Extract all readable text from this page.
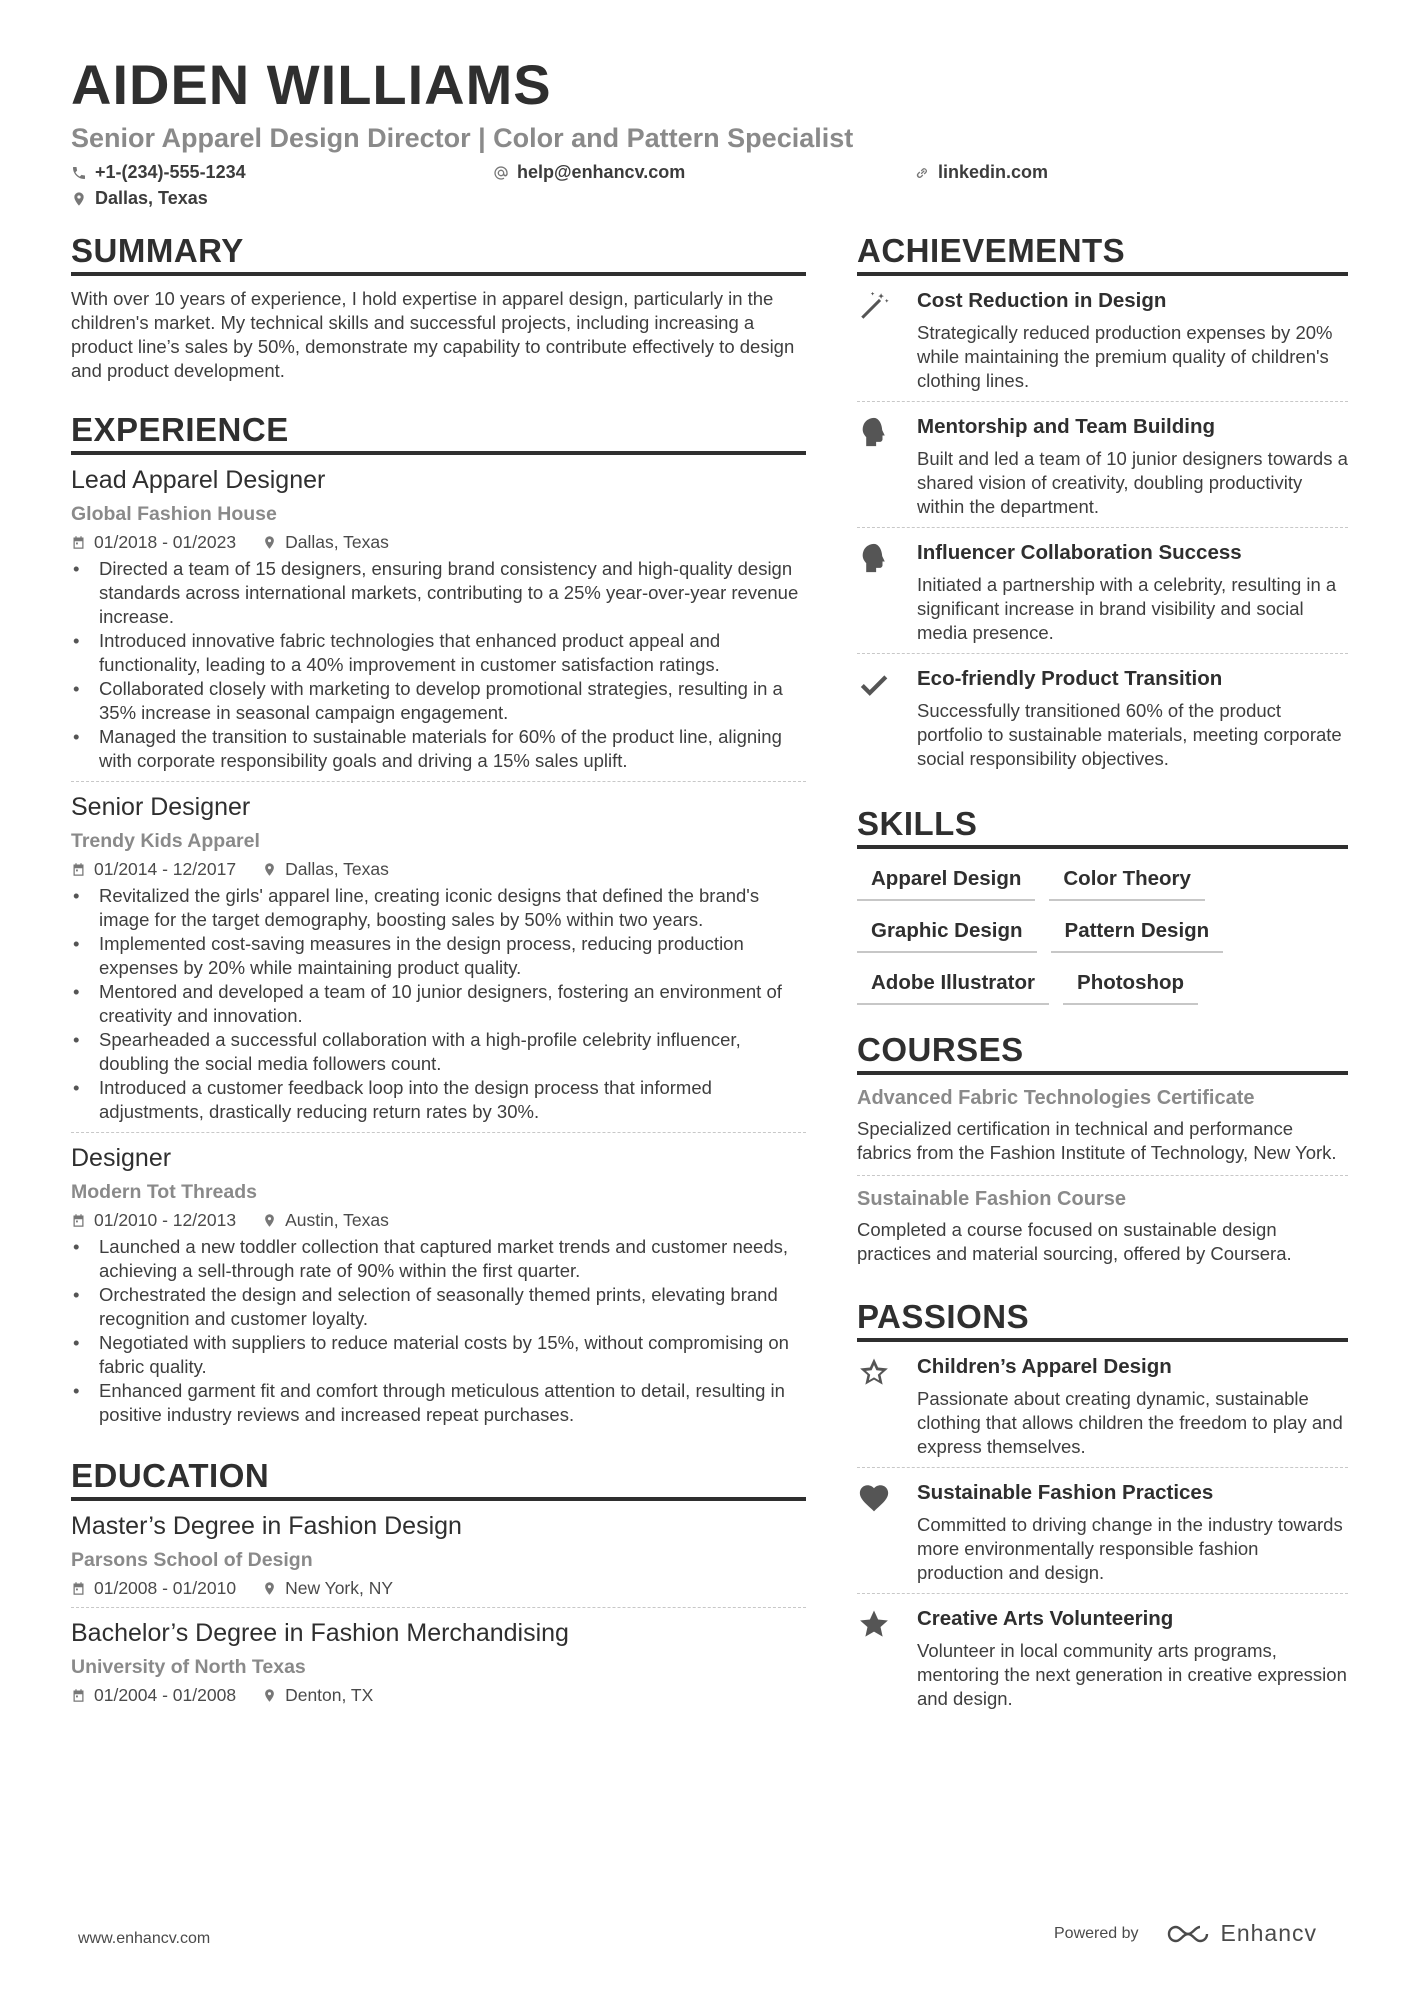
AIDEN WILLIAMS
Senior Apparel Design Director | Color and Pattern Specialist
+1-(234)-555-1234	help@enhancv.com	linkedin.com
Dallas, Texas
SUMMARY

With over 10 years of experience, I hold expertise in apparel design, particularly in the children's market. My technical skills and successful projects, including increasing a product line’s sales by 50%, demonstrate my capability to contribute effectively to design and product development.

EXPERIENCE
Lead Apparel Designer
Global Fashion House
01/2018 - 01/2023	Dallas, Texas
• Directed a team of 15 designers, ensuring brand consistency and high-quality design standards across international markets, contributing to a 25% year-over-year revenue increase.
• Introduced innovative fabric technologies that enhanced product appeal and functionality, leading to a 40% improvement in customer satisfaction ratings.
• Collaborated closely with marketing to develop promotional strategies, resulting in a 35% increase in seasonal campaign engagement.
• Managed the transition to sustainable materials for 60% of the product line, aligning with corporate responsibility goals and driving a 15% sales uplift.
Senior Designer
Trendy Kids Apparel
01/2014 - 12/2017	Dallas, Texas
• Revitalized the girls' apparel line, creating iconic designs that defined the brand's image for the target demography, boosting sales by 50% within two years.
• Implemented cost-saving measures in the design process, reducing production expenses by 20% while maintaining product quality.
• Mentored and developed a team of 10 junior designers, fostering an environment of creativity and innovation.
• Spearheaded a successful collaboration with a high-profile celebrity influencer, doubling the social media followers count.
• Introduced a customer feedback loop into the design process that informed adjustments, drastically reducing return rates by 30%.
Designer
Modern Tot Threads
01/2010 - 12/2013	Austin, Texas
• Launched a new toddler collection that captured market trends and customer needs, achieving a sell-through rate of 90% within the first quarter.
• Orchestrated the design and selection of seasonally themed prints, elevating brand recognition and customer loyalty.
• Negotiated with suppliers to reduce material costs by 15%, without compromising on fabric quality.
• Enhanced garment fit and comfort through meticulous attention to detail, resulting in positive industry reviews and increased repeat purchases.
EDUCATION
Master’s Degree in Fashion Design
Parsons School of Design
01/2008 - 01/2010	New York, NY
Bachelor’s Degree in Fashion Merchandising
University of North Texas
01/2004 - 01/2008	Denton, TX
ACHIEVEMENTS
Cost Reduction in Design
Strategically reduced production expenses by 20% while maintaining the premium quality of children's clothing lines.
Mentorship and Team Building
Built and led a team of 10 junior designers towards a shared vision of creativity, doubling productivity within the department.
Influencer Collaboration Success
Initiated a partnership with a celebrity, resulting in a significant increase in brand visibility and social media presence.
Eco-friendly Product Transition
Successfully transitioned 60% of the product portfolio to sustainable materials, meeting corporate social responsibility objectives.
SKILLS
Apparel Design	Color Theory
Graphic Design	Pattern Design
Adobe Illustrator	Photoshop
COURSES
Advanced Fabric Technologies Certificate
Specialized certification in technical and performance fabrics from the Fashion Institute of Technology, New York.
Sustainable Fashion Course
Completed a course focused on sustainable design practices and material sourcing, offered by Coursera.
PASSIONS
Children’s Apparel Design
Passionate about creating dynamic, sustainable clothing that allows children the freedom to play and express themselves.
Sustainable Fashion Practices
Committed to driving change in the industry towards more environmentally responsible fashion production and design.
Creative Arts Volunteering
Volunteer in local community arts programs, mentoring the next generation in creative expression and design.
www.enhancv.com	Powered by	Enhancv
